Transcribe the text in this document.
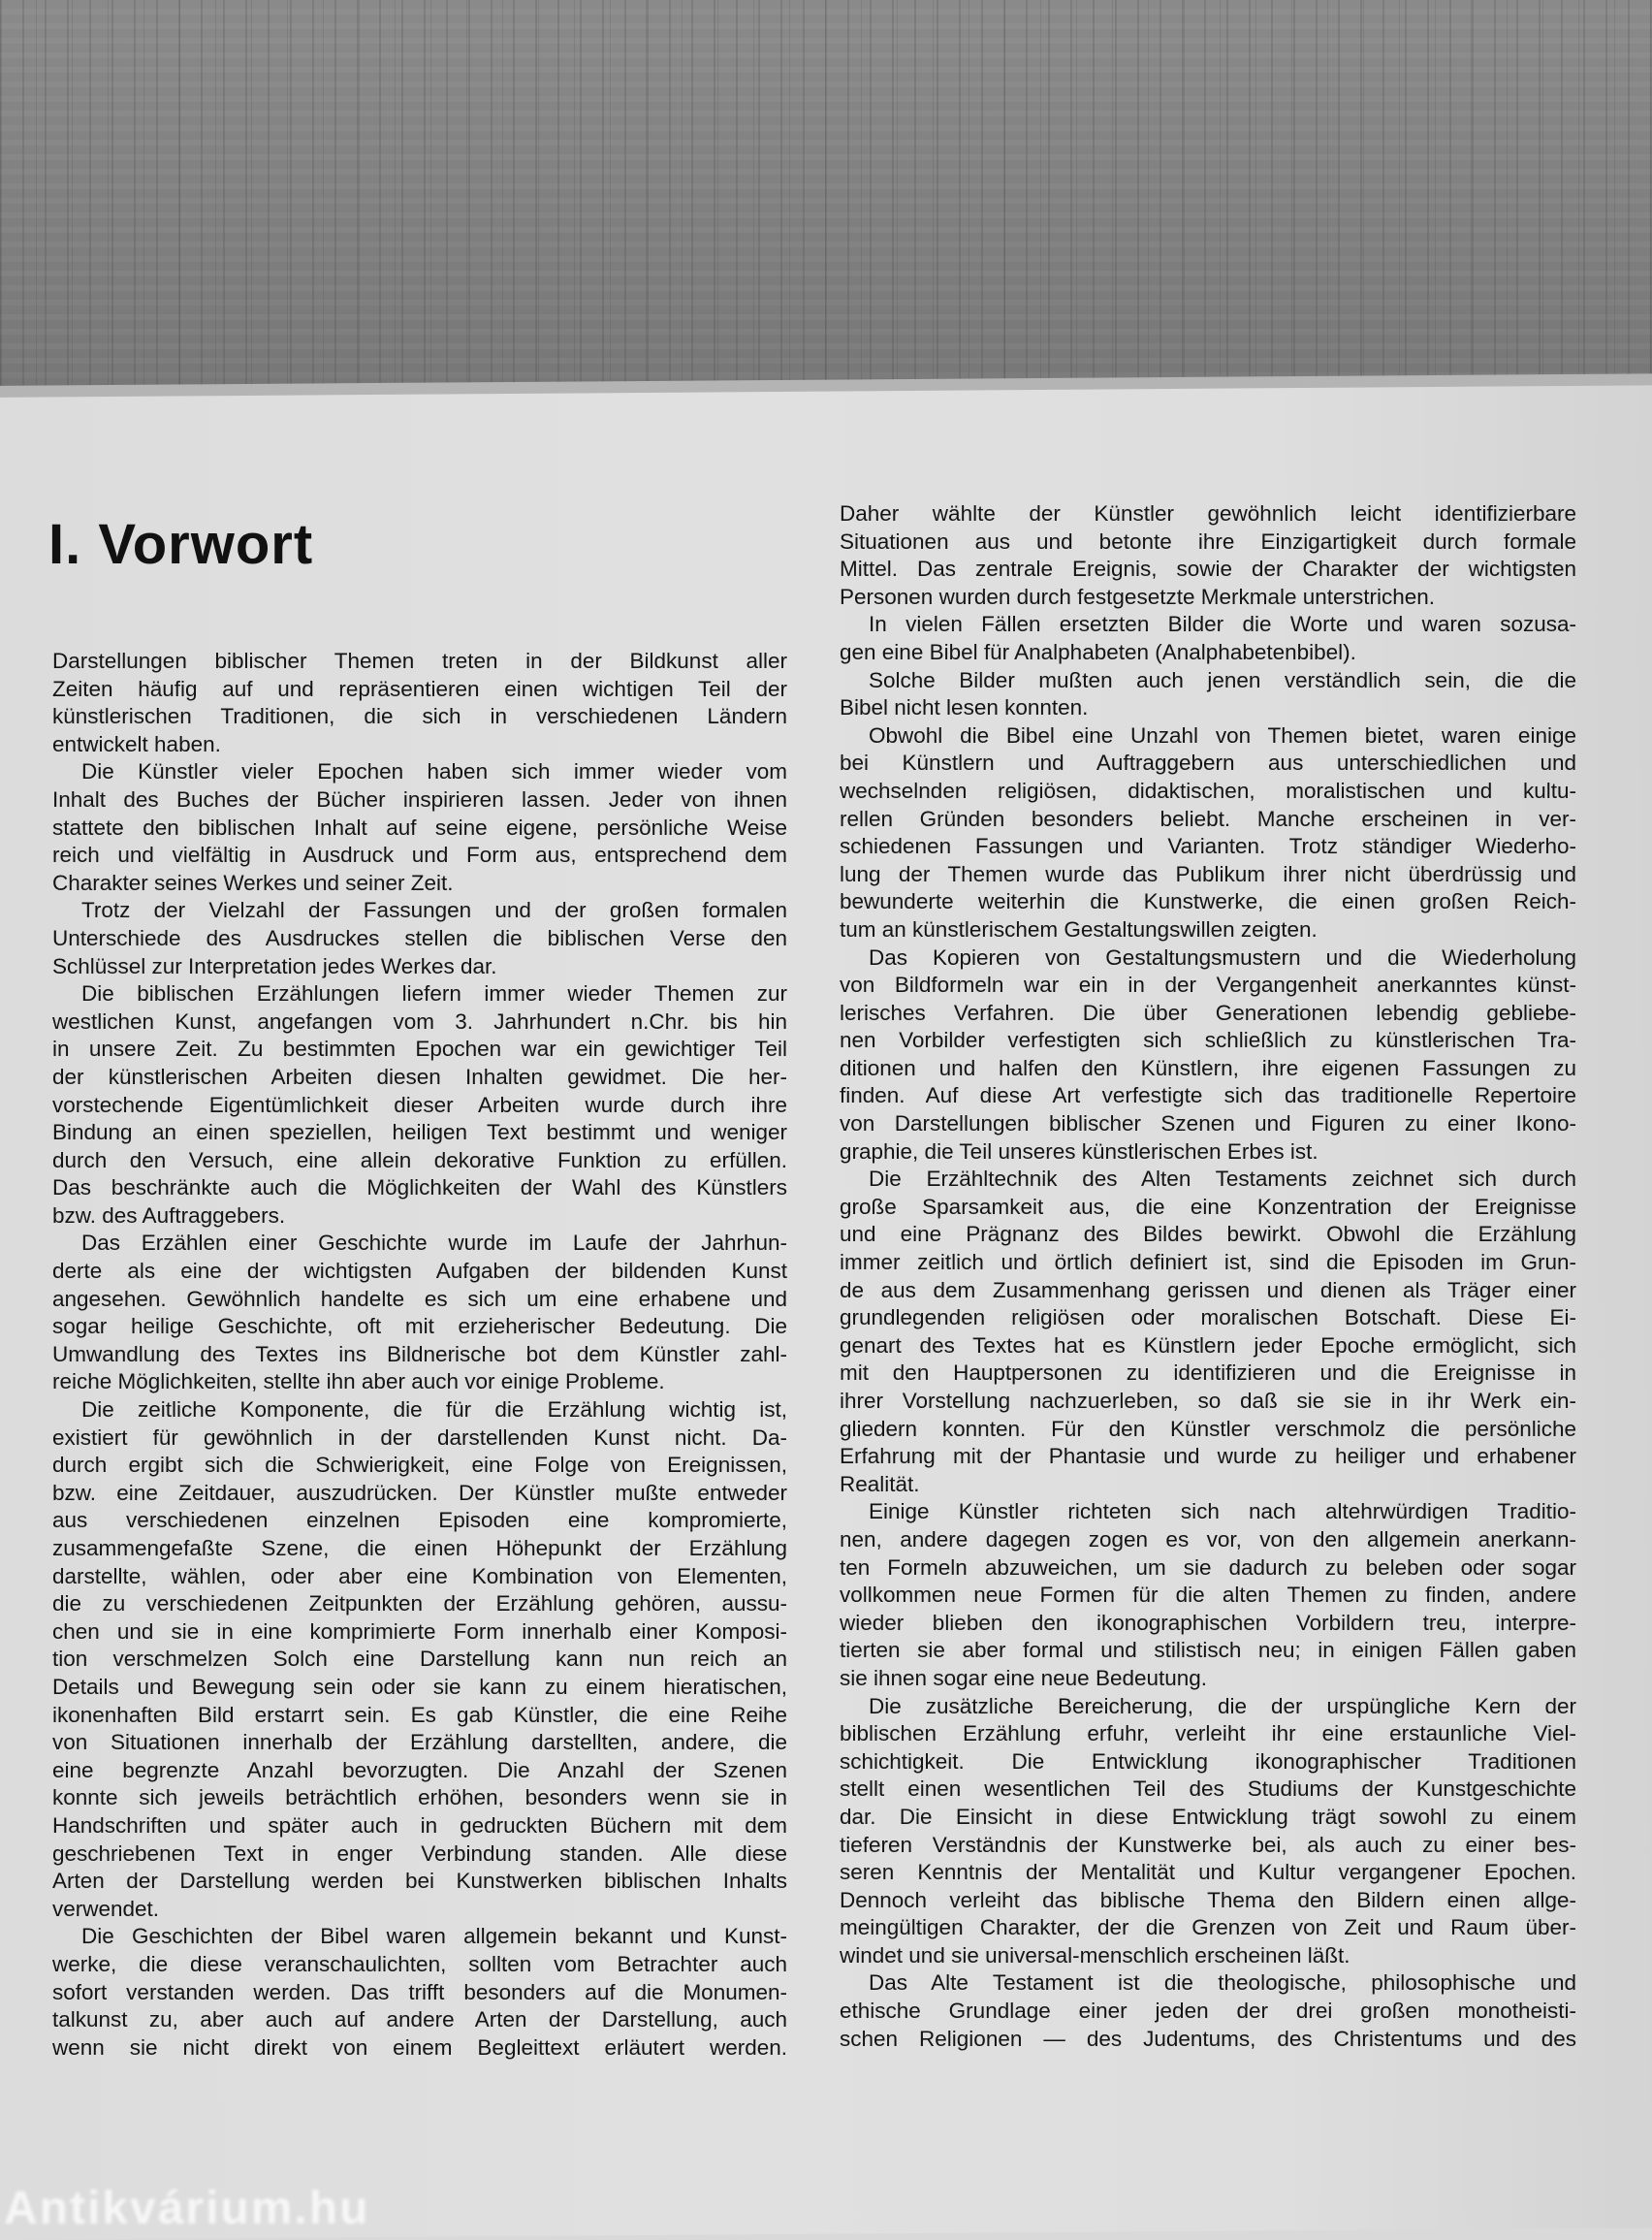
I. Vorwort
Darstellungen biblischer Themen treten in der Bildkunst aller
Zeiten häufig auf und repräsentieren einen wichtigen Teil der
künstlerischen Traditionen, die sich in verschiedenen Ländern
entwickelt haben.
Die Künstler vieler Epochen haben sich immer wieder vom
Inhalt des Buches der Bücher inspirieren lassen. Jeder von ihnen
stattete den biblischen Inhalt auf seine eigene, persönliche Weise
reich und vielfältig in Ausdruck und Form aus, entsprechend dem
Charakter seines Werkes und seiner Zeit.
Trotz der Vielzahl der Fassungen und der großen formalen
Unterschiede des Ausdruckes stellen die biblischen Verse den
Schlüssel zur Interpretation jedes Werkes dar.
Die biblischen Erzählungen liefern immer wieder Themen zur
westlichen Kunst, angefangen vom 3. Jahrhundert n.Chr. bis hin
in unsere Zeit. Zu bestimmten Epochen war ein gewichtiger Teil
der künstlerischen Arbeiten diesen Inhalten gewidmet. Die her-
vorstechende Eigentümlichkeit dieser Arbeiten wurde durch ihre
Bindung an einen speziellen, heiligen Text bestimmt und weniger
durch den Versuch, eine allein dekorative Funktion zu erfüllen.
Das beschränkte auch die Möglichkeiten der Wahl des Künstlers
bzw. des Auftraggebers.
Das Erzählen einer Geschichte wurde im Laufe der Jahrhun-
derte als eine der wichtigsten Aufgaben der bildenden Kunst
angesehen. Gewöhnlich handelte es sich um eine erhabene und
sogar heilige Geschichte, oft mit erzieherischer Bedeutung. Die
Umwandlung des Textes ins Bildnerische bot dem Künstler zahl-
reiche Möglichkeiten, stellte ihn aber auch vor einige Probleme.
Die zeitliche Komponente, die für die Erzählung wichtig ist,
existiert für gewöhnlich in der darstellenden Kunst nicht. Da-
durch ergibt sich die Schwierigkeit, eine Folge von Ereignissen,
bzw. eine Zeitdauer, auszudrücken. Der Künstler mußte entweder
aus verschiedenen einzelnen Episoden eine kompromierte,
zusammengefaßte Szene, die einen Höhepunkt der Erzählung
darstellte, wählen, oder aber eine Kombination von Elementen,
die zu verschiedenen Zeitpunkten der Erzählung gehören, aussu-
chen und sie in eine komprimierte Form innerhalb einer Komposi-
tion verschmelzen Solch eine Darstellung kann nun reich an
Details und Bewegung sein oder sie kann zu einem hieratischen,
ikonenhaften Bild erstarrt sein. Es gab Künstler, die eine Reihe
von Situationen innerhalb der Erzählung darstellten, andere, die
eine begrenzte Anzahl bevorzugten. Die Anzahl der Szenen
konnte sich jeweils beträchtlich erhöhen, besonders wenn sie in
Handschriften und später auch in gedruckten Büchern mit dem
geschriebenen Text in enger Verbindung standen. Alle diese
Arten der Darstellung werden bei Kunstwerken biblischen Inhalts
verwendet.
Die Geschichten der Bibel waren allgemein bekannt und Kunst-
werke, die diese veranschaulichten, sollten vom Betrachter auch
sofort verstanden werden. Das trifft besonders auf die Monumen-
talkunst zu, aber auch auf andere Arten der Darstellung, auch
wenn sie nicht direkt von einem Begleittext erläutert werden.
Daher wählte der Künstler gewöhnlich leicht identifizierbare
Situationen aus und betonte ihre Einzigartigkeit durch formale
Mittel. Das zentrale Ereignis, sowie der Charakter der wichtigsten
Personen wurden durch festgesetzte Merkmale unterstrichen.
In vielen Fällen ersetzten Bilder die Worte und waren sozusa-
gen eine Bibel für Analphabeten (Analphabetenbibel).
Solche Bilder mußten auch jenen verständlich sein, die die
Bibel nicht lesen konnten.
Obwohl die Bibel eine Unzahl von Themen bietet, waren einige
bei Künstlern und Auftraggebern aus unterschiedlichen und
wechselnden religiösen, didaktischen, moralistischen und kultu-
rellen Gründen besonders beliebt. Manche erscheinen in ver-
schiedenen Fassungen und Varianten. Trotz ständiger Wiederho-
lung der Themen wurde das Publikum ihrer nicht überdrüssig und
bewunderte weiterhin die Kunstwerke, die einen großen Reich-
tum an künstlerischem Gestaltungswillen zeigten.
Das Kopieren von Gestaltungsmustern und die Wiederholung
von Bildformeln war ein in der Vergangenheit anerkanntes künst-
lerisches Verfahren. Die über Generationen lebendig gebliebe-
nen Vorbilder verfestigten sich schließlich zu künstlerischen Tra-
ditionen und halfen den Künstlern, ihre eigenen Fassungen zu
finden. Auf diese Art verfestigte sich das traditionelle Repertoire
von Darstellungen biblischer Szenen und Figuren zu einer Ikono-
graphie, die Teil unseres künstlerischen Erbes ist.
Die Erzähltechnik des Alten Testaments zeichnet sich durch
große Sparsamkeit aus, die eine Konzentration der Ereignisse
und eine Prägnanz des Bildes bewirkt. Obwohl die Erzählung
immer zeitlich und örtlich definiert ist, sind die Episoden im Grun-
de aus dem Zusammenhang gerissen und dienen als Träger einer
grundlegenden religiösen oder moralischen Botschaft. Diese Ei-
genart des Textes hat es Künstlern jeder Epoche ermöglicht, sich
mit den Hauptpersonen zu identifizieren und die Ereignisse in
ihrer Vorstellung nachzuerleben, so daß sie sie in ihr Werk ein-
gliedern konnten. Für den Künstler verschmolz die persönliche
Erfahrung mit der Phantasie und wurde zu heiliger und erhabener
Realität.
Einige Künstler richteten sich nach altehrwürdigen Traditio-
nen, andere dagegen zogen es vor, von den allgemein anerkann-
ten Formeln abzuweichen, um sie dadurch zu beleben oder sogar
vollkommen neue Formen für die alten Themen zu finden, andere
wieder blieben den ikonographischen Vorbildern treu, interpre-
tierten sie aber formal und stilistisch neu; in einigen Fällen gaben
sie ihnen sogar eine neue Bedeutung.
Die zusätzliche Bereicherung, die der urspüngliche Kern der
biblischen Erzählung erfuhr, verleiht ihr eine erstaunliche Viel-
schichtigkeit. Die Entwicklung ikonographischer Traditionen
stellt einen wesentlichen Teil des Studiums der Kunstgeschichte
dar. Die Einsicht in diese Entwicklung trägt sowohl zu einem
tieferen Verständnis der Kunstwerke bei, als auch zu einer bes-
seren Kenntnis der Mentalität und Kultur vergangener Epochen.
Dennoch verleiht das biblische Thema den Bildern einen allge-
meingültigen Charakter, der die Grenzen von Zeit und Raum über-
windet und sie universal-menschlich erscheinen läßt.
Das Alte Testament ist die theologische, philosophische und
ethische Grundlage einer jeden der drei großen monotheisti-
schen Religionen — des Judentums, des Christentums und des
Antikvárium.hu
